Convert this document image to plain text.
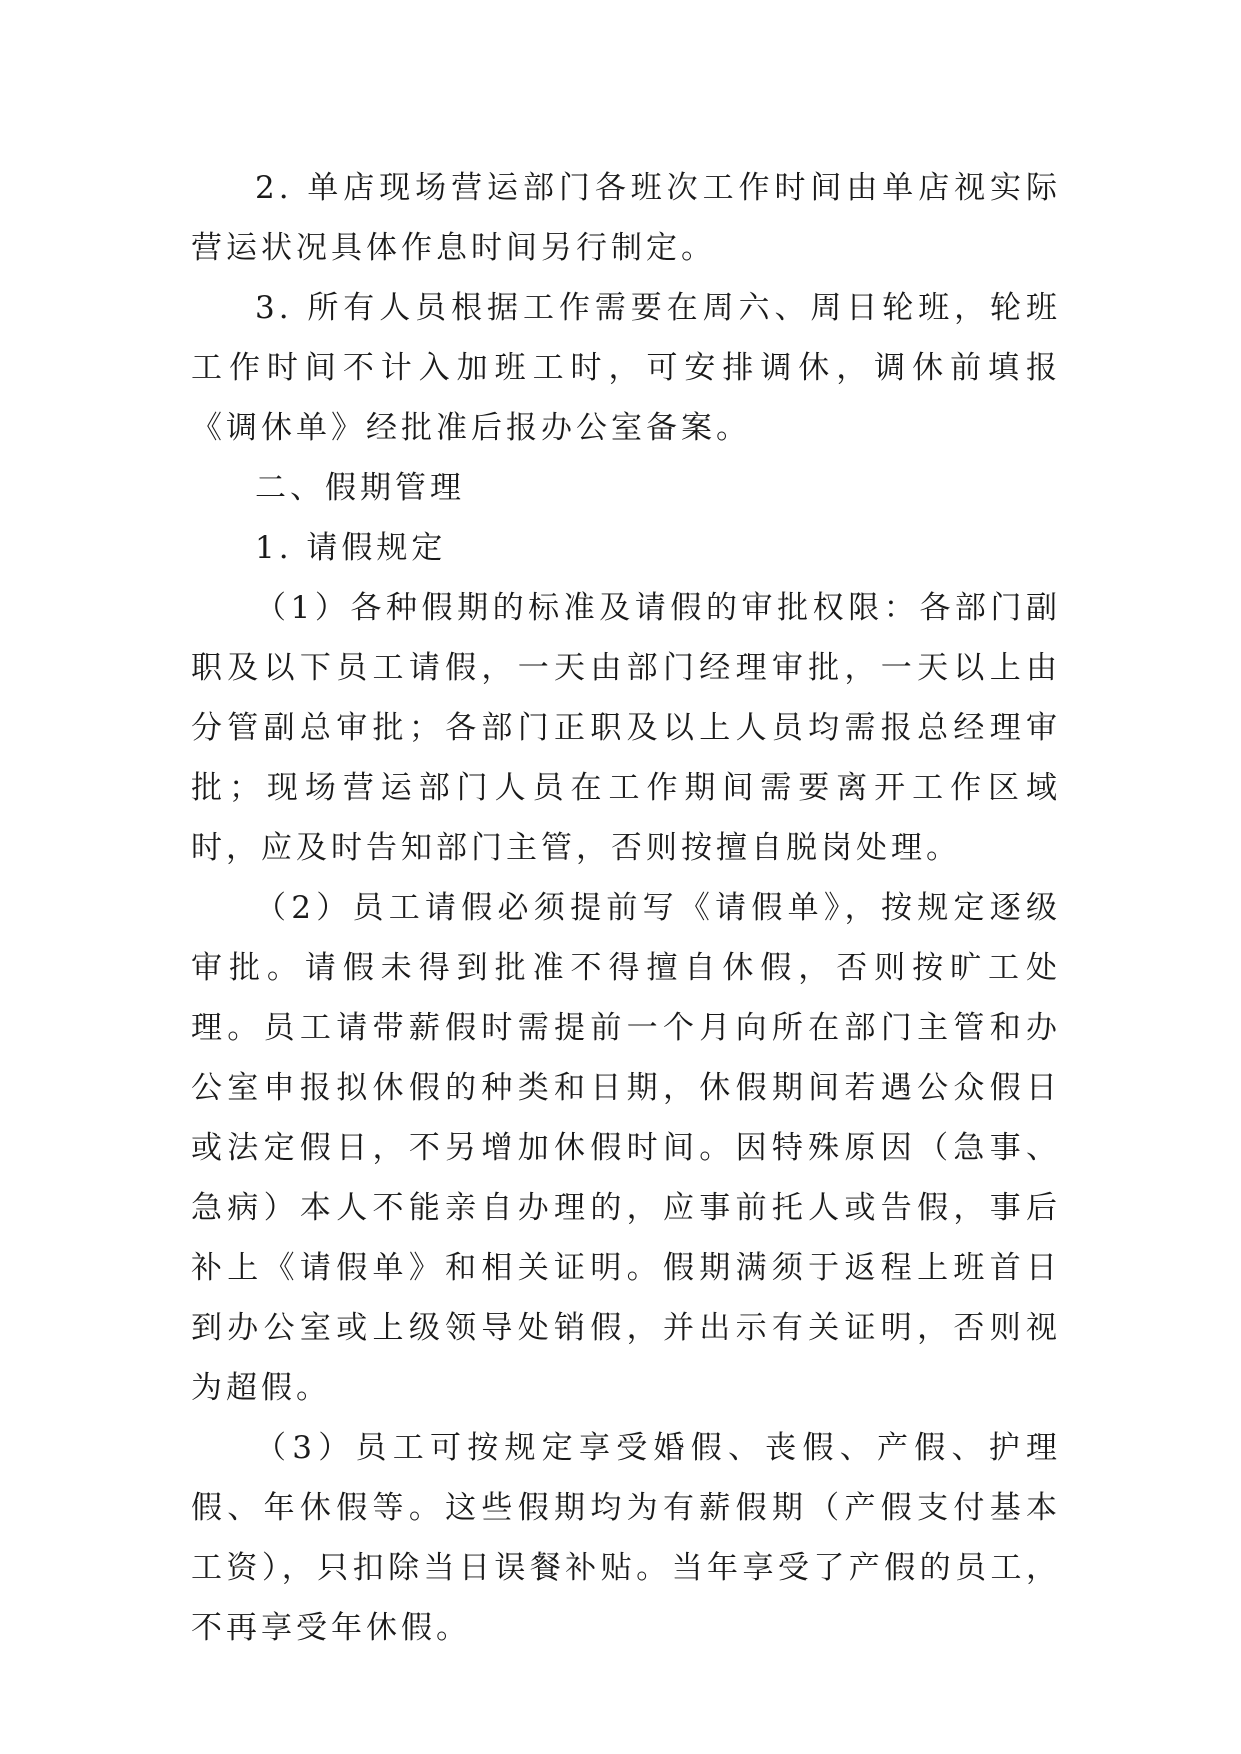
2. 单店现场营运部门各班次工作时间由单店视实际营运状况具体作息时间另行制定。

3. 所有人员根据工作需要在周六、周日轮班，轮班工作时间不计入加班工时，可安排调休，调休前填报《调休单》经批准后报办公室备案。

二、假期管理

1. 请假规定

（1）各种假期的标准及请假的审批权限：各部门副职及以下员工请假，一天由部门经理审批，一天以上由分管副总审批；各部门正职及以上人员均需报总经理审批；现场营运部门人员在工作期间需要离开工作区域时，应及时告知部门主管，否则按擅自脱岗处理。

（2）员工请假必须提前写《请假单》，按规定逐级审批。请假未得到批准不得擅自休假，否则按旷工处理。员工请带薪假时需提前一个月向所在部门主管和办公室申报拟休假的种类和日期，休假期间若遇公众假日或法定假日，不另增加休假时间。因特殊原因（急事、急病）本人不能亲自办理的，应事前托人或告假，事后补上《请假单》和相关证明。假期满须于返程上班首日到办公室或上级领导处销假，并出示有关证明，否则视为超假。

（3）员工可按规定享受婚假、丧假、产假、护理假、年休假等。这些假期均为有薪假期（产假支付基本工资），只扣除当日误餐补贴。当年享受了产假的员工，不再享受年休假。
